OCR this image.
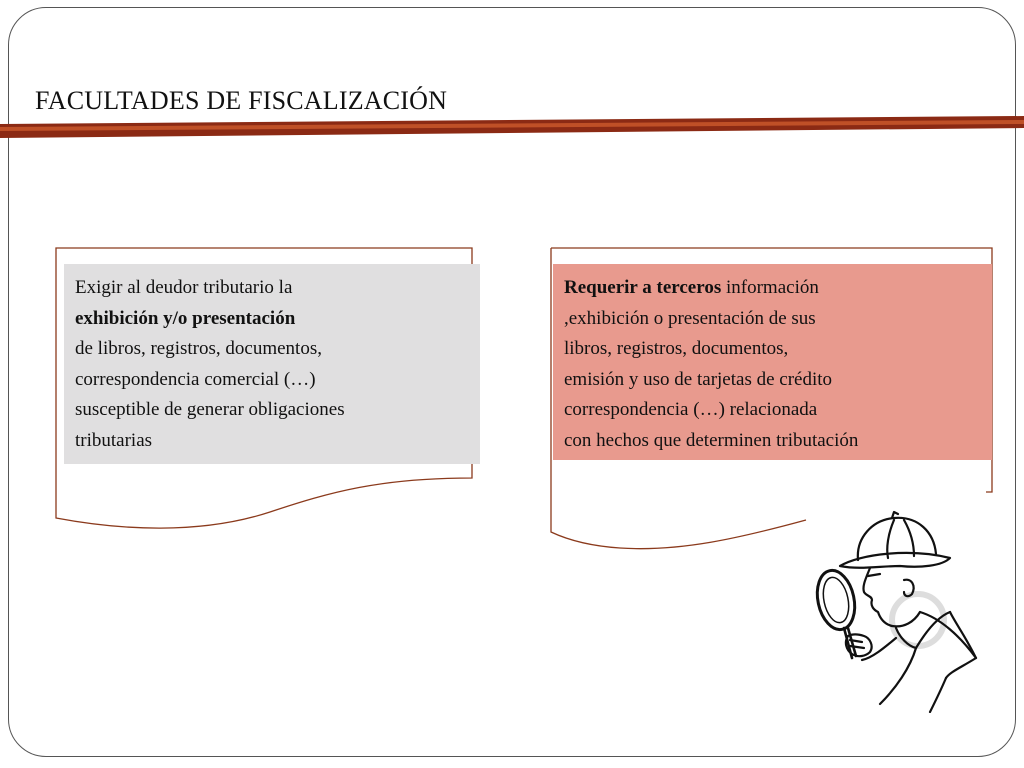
FACULTADES DE FISCALIZACIÓN
Exigir al deudor tributario la
exhibición y/o presentación
de libros, registros, documentos,
correspondencia comercial (…)
susceptible de generar obligaciones
tributarias
Requerir a terceros información
,exhibición o presentación de sus
libros, registros, documentos,
emisión y uso de tarjetas de crédito
correspondencia (…) relacionada
con hechos que determinen tributación
